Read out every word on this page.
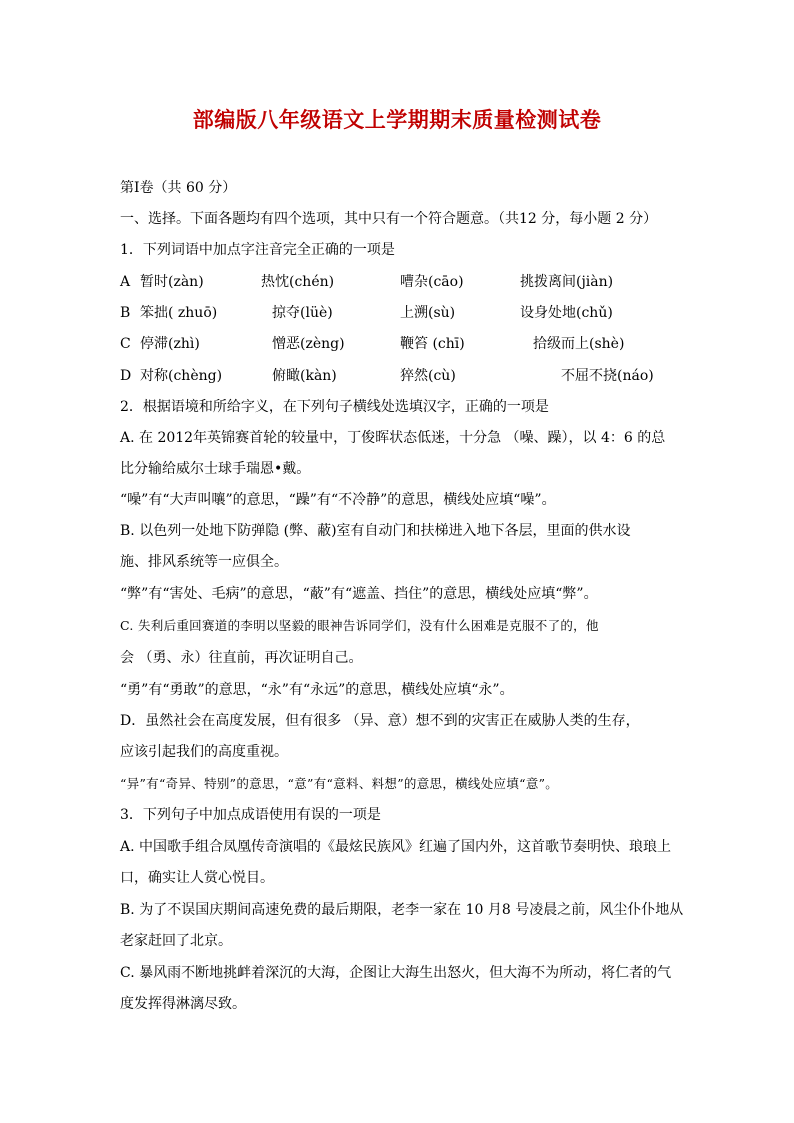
部编版八年级语文上学期期末质量检测试卷
第Ⅰ卷（共 60 分）
一、选择。下面各题均有四个选项，其中只有一个符合题意。（共12 分，每小题 2 分）
1．下列词语中加点字注音完全正确的一项是
A 暂时(zàn)	热忱(chén)	嘈杂(cāo)	挑拨离间(jiàn)
B 笨拙( zhuō)	掠夺(lüè)	上溯(sù)	设身处地(chǔ)
C 停滞(zhì)	憎恶(zèng)	鞭笞 (chī)	拾级而上(shè)
D 对称(chèng)	俯瞰(kàn)	猝然(cù)	不屈不挠(náo)
2．根据语境和所给字义，在下列句子横线处选填汉字，正确的一项是
A. 在 2012年英锦赛首轮的较量中，丁俊晖状态低迷，十分急 （噪、躁），以 4：6 的总
比分输给威尔士球手瑞恩•戴。
“噪”有“大声叫嚷”的意思，“躁”有“不冷静”的意思，横线处应填“噪”。
B. 以色列一处地下防弹隐 (弊、蔽)室有自动门和扶梯进入地下各层，里面的供水设
施、排风系统等一应俱全。
“弊”有“害处、毛病”的意思，“蔽”有“遮盖、挡住”的意思，横线处应填“弊”。
C. 失利后重回赛道的李明以坚毅的眼神告诉同学们，没有什么困难是克服不了的，他
会 （勇、永）往直前，再次证明自己。
“勇”有“勇敢”的意思，“永”有“永远”的意思，横线处应填“永”。
D．虽然社会在高度发展，但有很多 （异、意）想不到的灾害正在威胁人类的生存，
应该引起我们的高度重视。
“异”有“奇异、特别”的意思，“意”有“意料、料想”的意思，横线处应填“意”。
3．下列句子中加点成语使用有误的一项是
A. 中国歌手组合凤凰传奇演唱的《最炫民族风》红遍了国内外，这首歌节奏明快、琅琅上
口，确实让人赏心悦目。
B. 为了不误国庆期间高速免费的最后期限，老李一家在 10 月8 号凌晨之前，风尘仆仆地从
老家赶回了北京。
C. 暴风雨不断地挑衅着深沉的大海，企图让大海生出怒火，但大海不为所动，将仁者的气
度发挥得淋漓尽致。
